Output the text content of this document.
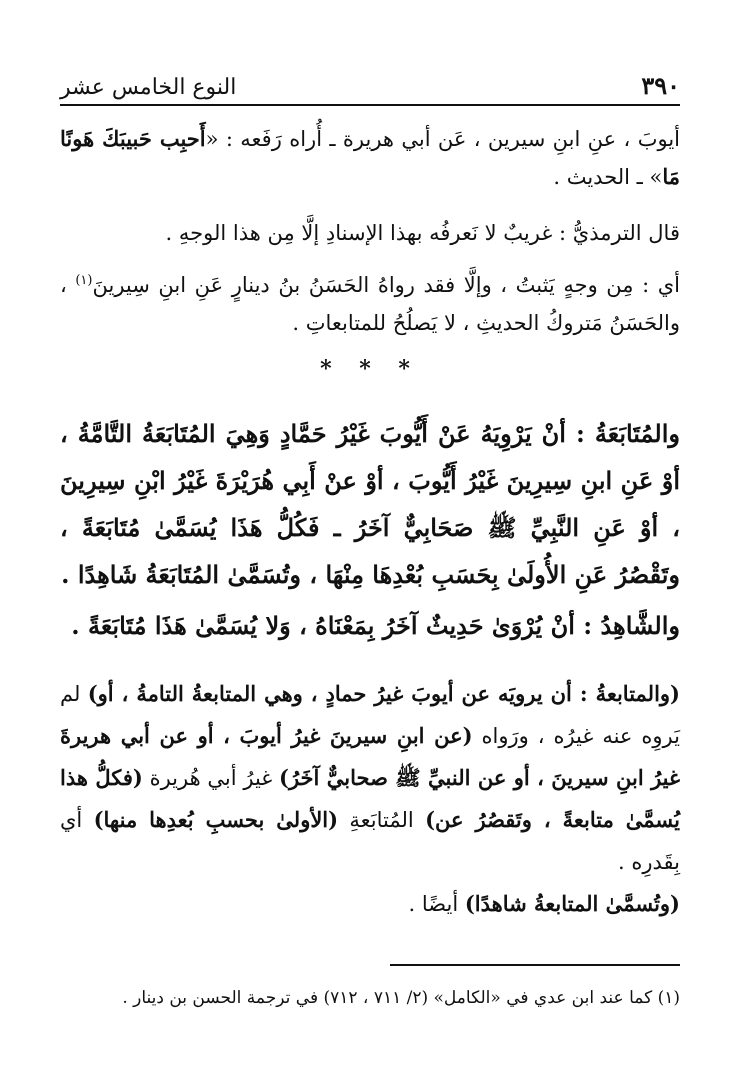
٣٩٠
النوع الخامس عشر

أيوبَ ، عنِ ابنِ سيرين ، عَن أبي هريرة ـ أُراه رَفَعه : «أَحبِب حَبيبَكَ هَونًا مَا» ـ الحديث .

قال الترمذيُّ : غريبٌ لا نَعرفُه بهذا الإسنادِ إلَّا مِن هذا الوجهِ .

أي : مِن وجهٍ يَثبتُ ، وإلَّا فقد رواهُ الحَسَنُ بنُ دينارٍ عَنِ ابنِ سِيرينَ$^{(١)}$ ، والحَسَنُ مَتروكُ الحديثِ ، لا يَصلُحُ للمتابعاتِ .

* * *

والمُتَابَعَةُ : أنْ يَرْوِيَهُ عَنْ أَيُّوبَ غَيْرُ حَمَّادٍ وَهِيَ المُتَابَعَةُ التَّامَّةُ ، أوْ عَنِ ابنِ سِيرِينَ غَيْرُ أَيُّوبَ ، أوْ عنْ أَبِي هُرَيْرَةَ غَيْرُ ابْنِ سِيرِينَ ، أوْ عَنِ النَّبِيِّ ﷺ صَحَابِيٌّ آخَرُ ـ فَكُلُّ هَذَا يُسَمَّىٰ مُتَابَعَةً ، وتَقْصُرُ عَنِ الأُولَىٰ بِحَسَبِ بُعْدِهَا مِنْهَا ، وتُسَمَّىٰ المُتَابَعَةُ شَاهِدًا .

والشَّاهِدُ : أنْ يُرْوَىٰ حَدِيثٌ آخَرُ بِمَعْنَاهُ ، وَلا يُسَمَّىٰ هَذَا مُتَابَعَةً .

(والمتابعةُ : أن يرويَه عن أيوبَ غيرُ حمادٍ ، وهي المتابعةُ التامةُ ، أو) لم يَروِه عنه غيرُه ، ورَواه (عن ابنِ سيرينَ غيرُ أيوبَ ، أو عن أبي هريرةَ غيرُ ابنِ سيرينَ ، أو عن النبيِّ ﷺ صحابيٌّ آخَرُ) غيرُ أبي هُريرة (فكلُّ هذا يُسمَّىٰ متابعةً ، وتَقصُرُ عن) المُتابَعةِ (الأولىٰ بحسبِ بُعدِها منها) أي بِقَدرِه .

(وتُسمَّىٰ المتابعةُ شاهدًا) أيضًا .

(١) كما عند ابن عدي في «الكامل» (٢/ ٧١١ ، ٧١٢) في ترجمة الحسن بن دينار .
